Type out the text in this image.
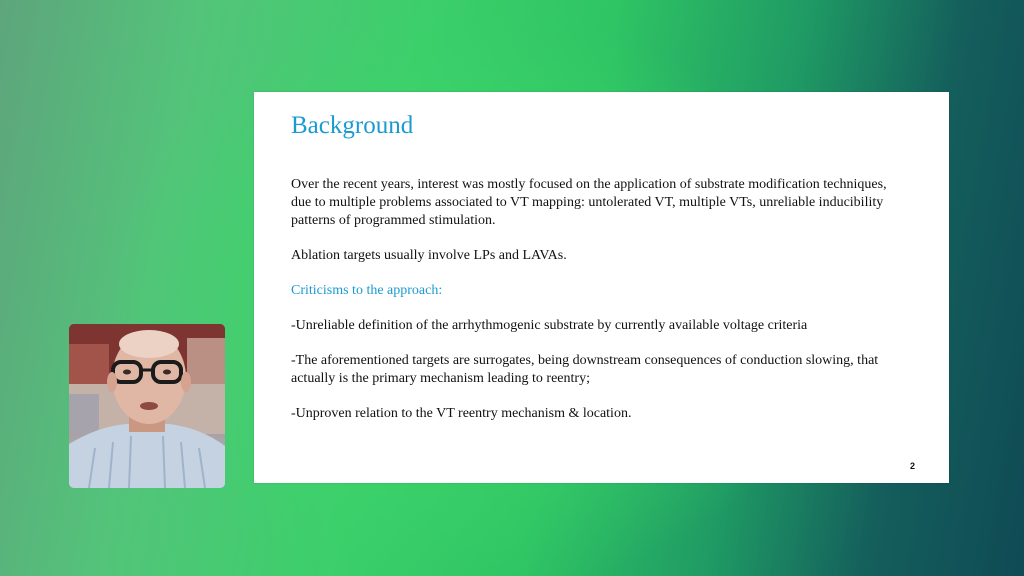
Background

Over the recent years, interest was mostly focused on the application of substrate modification techniques, due to multiple problems associated to VT mapping: untolerated VT, multiple VTs, unreliable inducibility patterns of programmed stimulation.

Ablation targets usually involve LPs and LAVAs.

Criticisms to the approach:

-Unreliable definition of the arrhythmogenic substrate by currently available voltage criteria

-The aforementioned targets are surrogates, being downstream consequences of conduction slowing, that actually is the primary mechanism leading to reentry;

-Unproven relation to the VT reentry mechanism & location.

2
